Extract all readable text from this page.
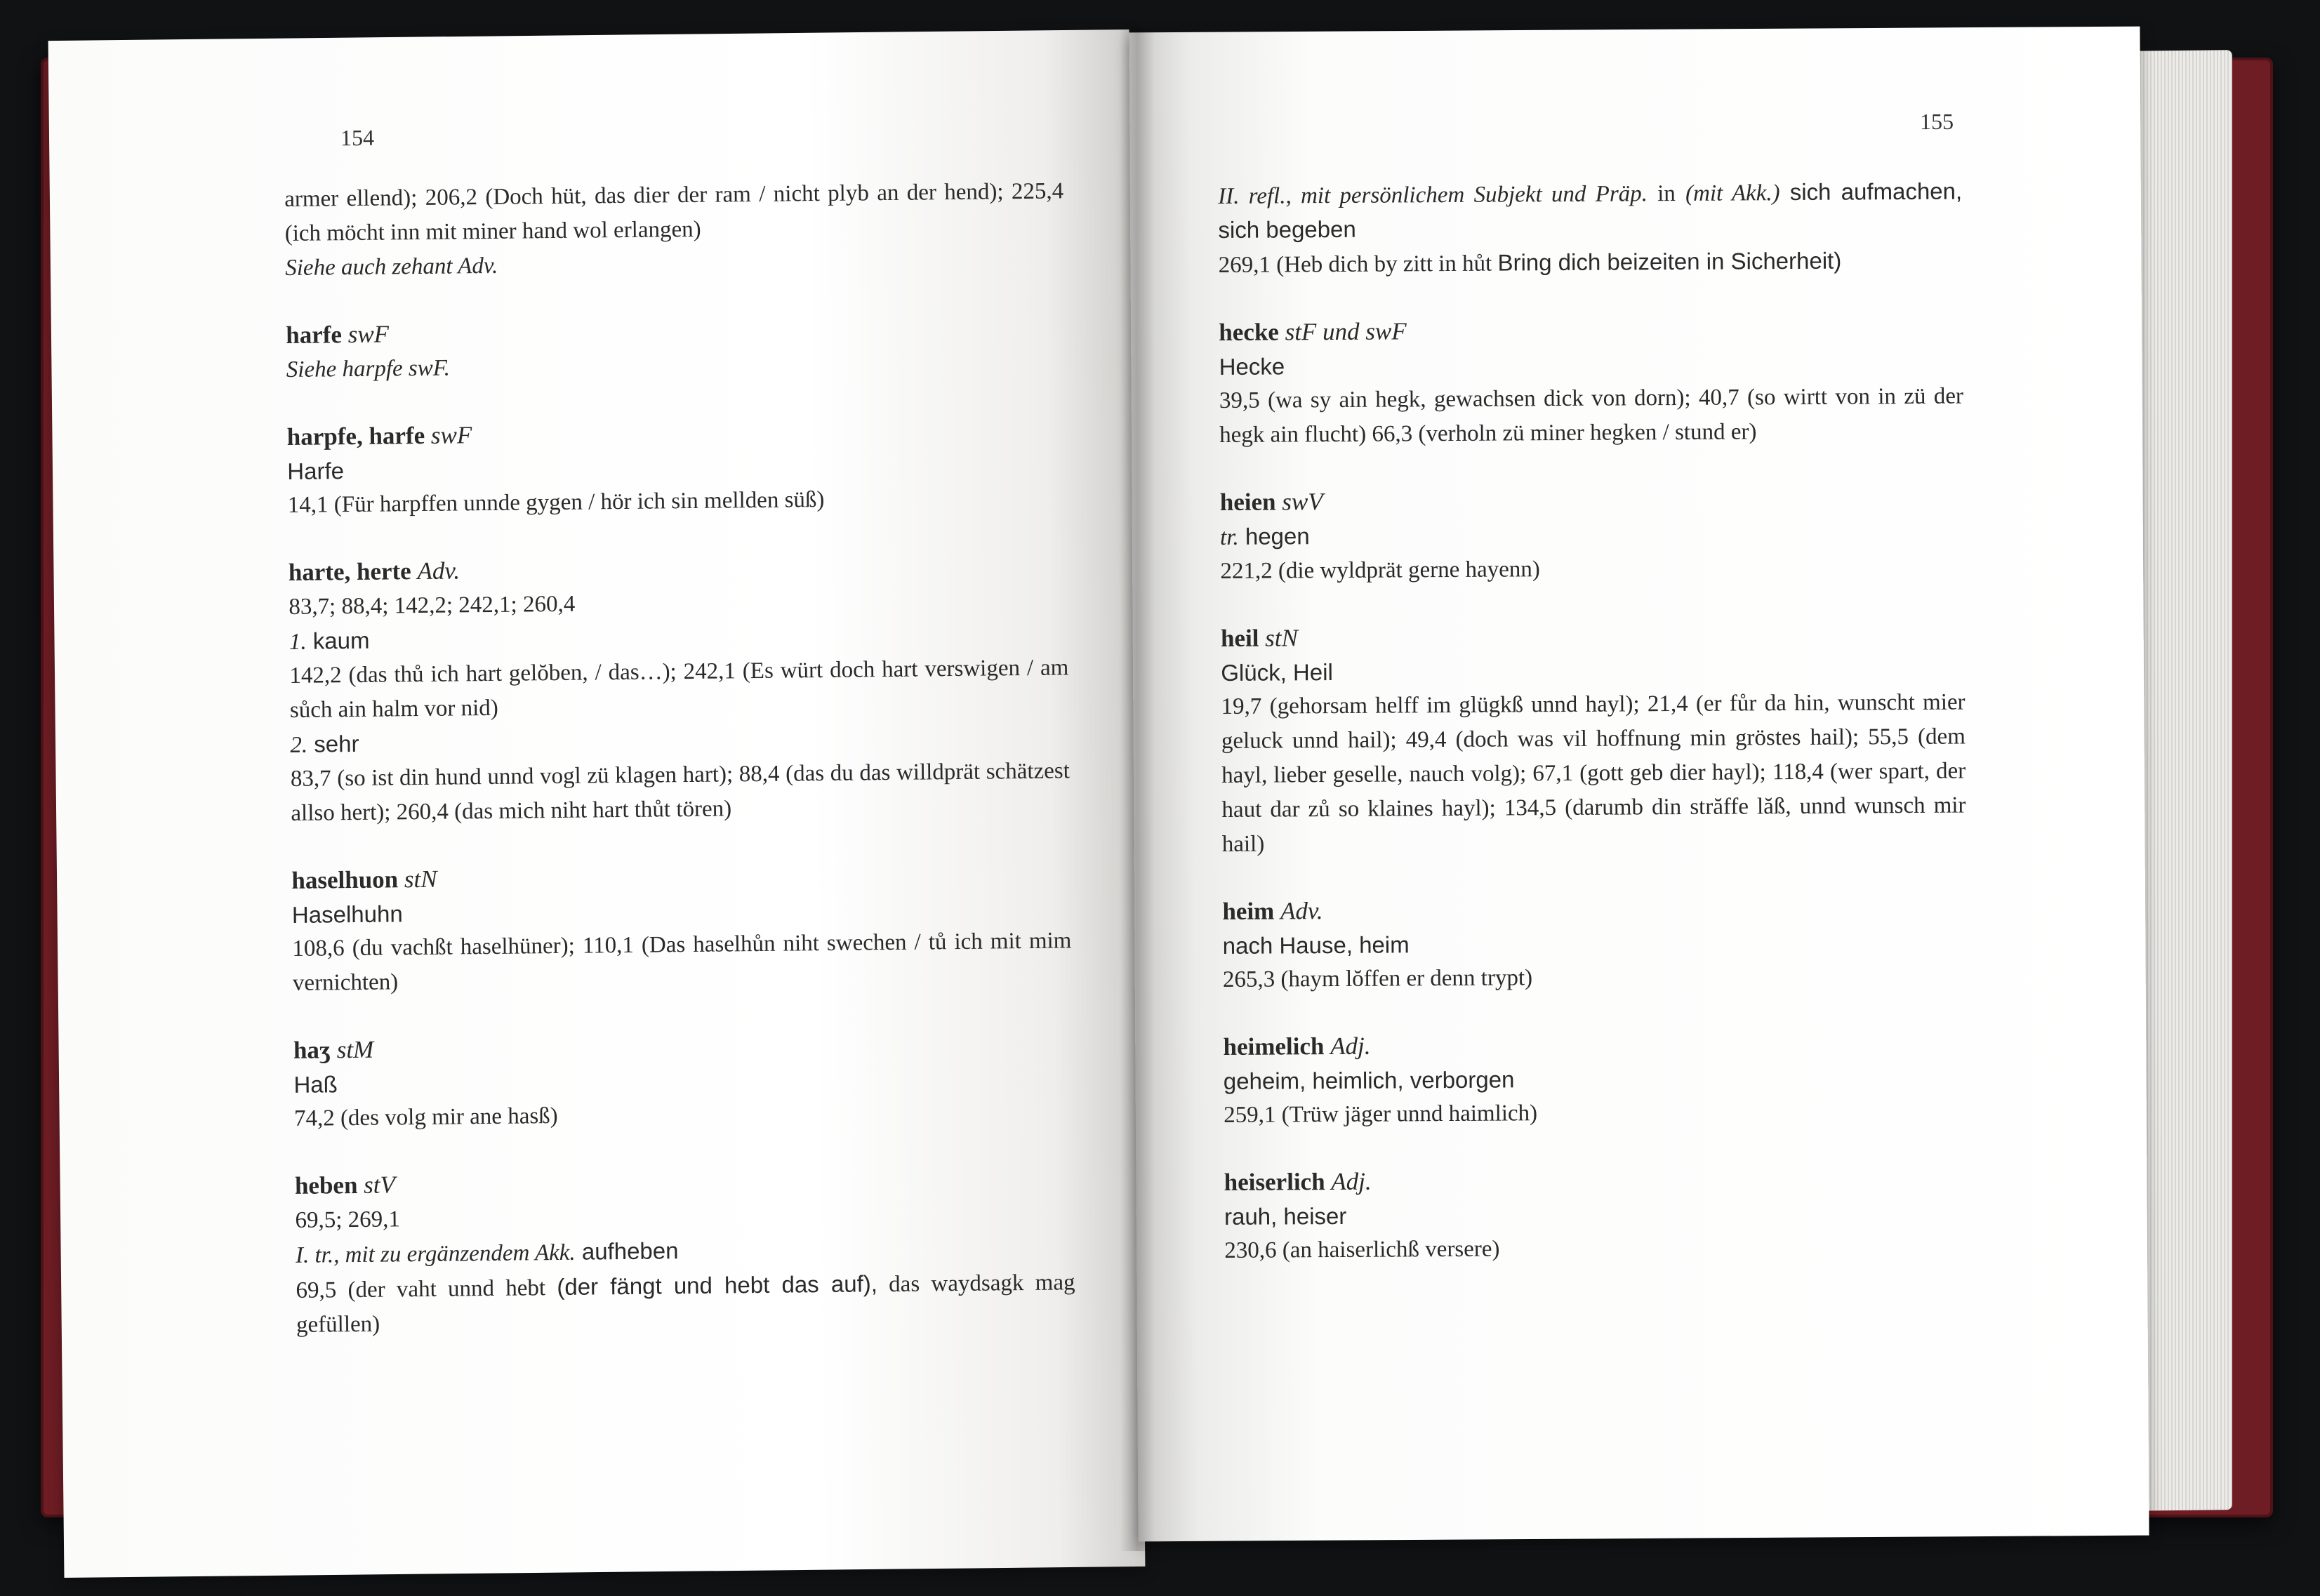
154
155

armer ellend); 206,2 (Doch hüt, das dier der ram / nicht plyb an der hend); 225,4 (ich möcht inn mit miner hand wol erlangen)

Siehe auch zehant Adv.

harfe swF

Siehe harpfe swF.

harpfe, harfe swF

Harfe

14,1 (Für harpffen unnde gygen / hör ich sin mellden süß)

harte, herte Adv.

83,7; 88,4; 142,2; 242,1; 260,4

1. kaum

142,2 (das thů ich hart gelŏben, / das…); 242,1 (Es würt doch hart verswigen / am sůch ain halm vor nid)

2. sehr

83,7 (so ist din hund unnd vogl zü klagen hart); 88,4 (das du das willdprät schätzest allso hert); 260,4 (das mich niht hart thůt tören)

haselhuon stN

Haselhuhn

108,6 (du vachßt haselhüner); 110,1 (Das haselhůn niht swechen / tů ich mit mim vernichten)

haʒ stM

Haß

74,2 (des volg mir ane hasß)

heben stV

69,5; 269,1

I. tr., mit zu ergänzendem Akk. aufheben

69,5 (der vaht unnd hebt (der fängt und hebt das auf), das waydsagk mag gefüllen)

II. refl., mit persönlichem Subjekt und Präp. in (mit Akk.) sich aufmachen, sich begeben

269,1 (Heb dich by zitt in hůt Bring dich beizeiten in Sicherheit)

hecke stF und swF

Hecke

39,5 (wa sy ain hegk, gewachsen dick von dorn); 40,7 (so wirtt von in zü der hegk ain flucht) 66,3 (verholn zü miner hegken / stund er)

heien swV

tr. hegen

221,2 (die wyldprät gerne hayenn)

heil stN

Glück, Heil

19,7 (gehorsam helff im glügkß unnd hayl); 21,4 (er fůr da hin, wunscht mier geluck unnd hail); 49,4 (doch was vil hoffnung min gröstes hail); 55,5 (dem hayl, lieber geselle, nauch volg); 67,1 (gott geb dier hayl); 118,4 (wer spart, der haut dar zů so klaines hayl); 134,5 (darumb din străffe lăß, unnd wunsch mir hail)

heim Adv.

nach Hause, heim

265,3 (haym lŏffen er denn trypt)

heimelich Adj.

geheim, heimlich, verborgen

259,1 (Trüw jäger unnd haimlich)

heiserlich Adj.

rauh, heiser

230,6 (an haiserlichß versere)
